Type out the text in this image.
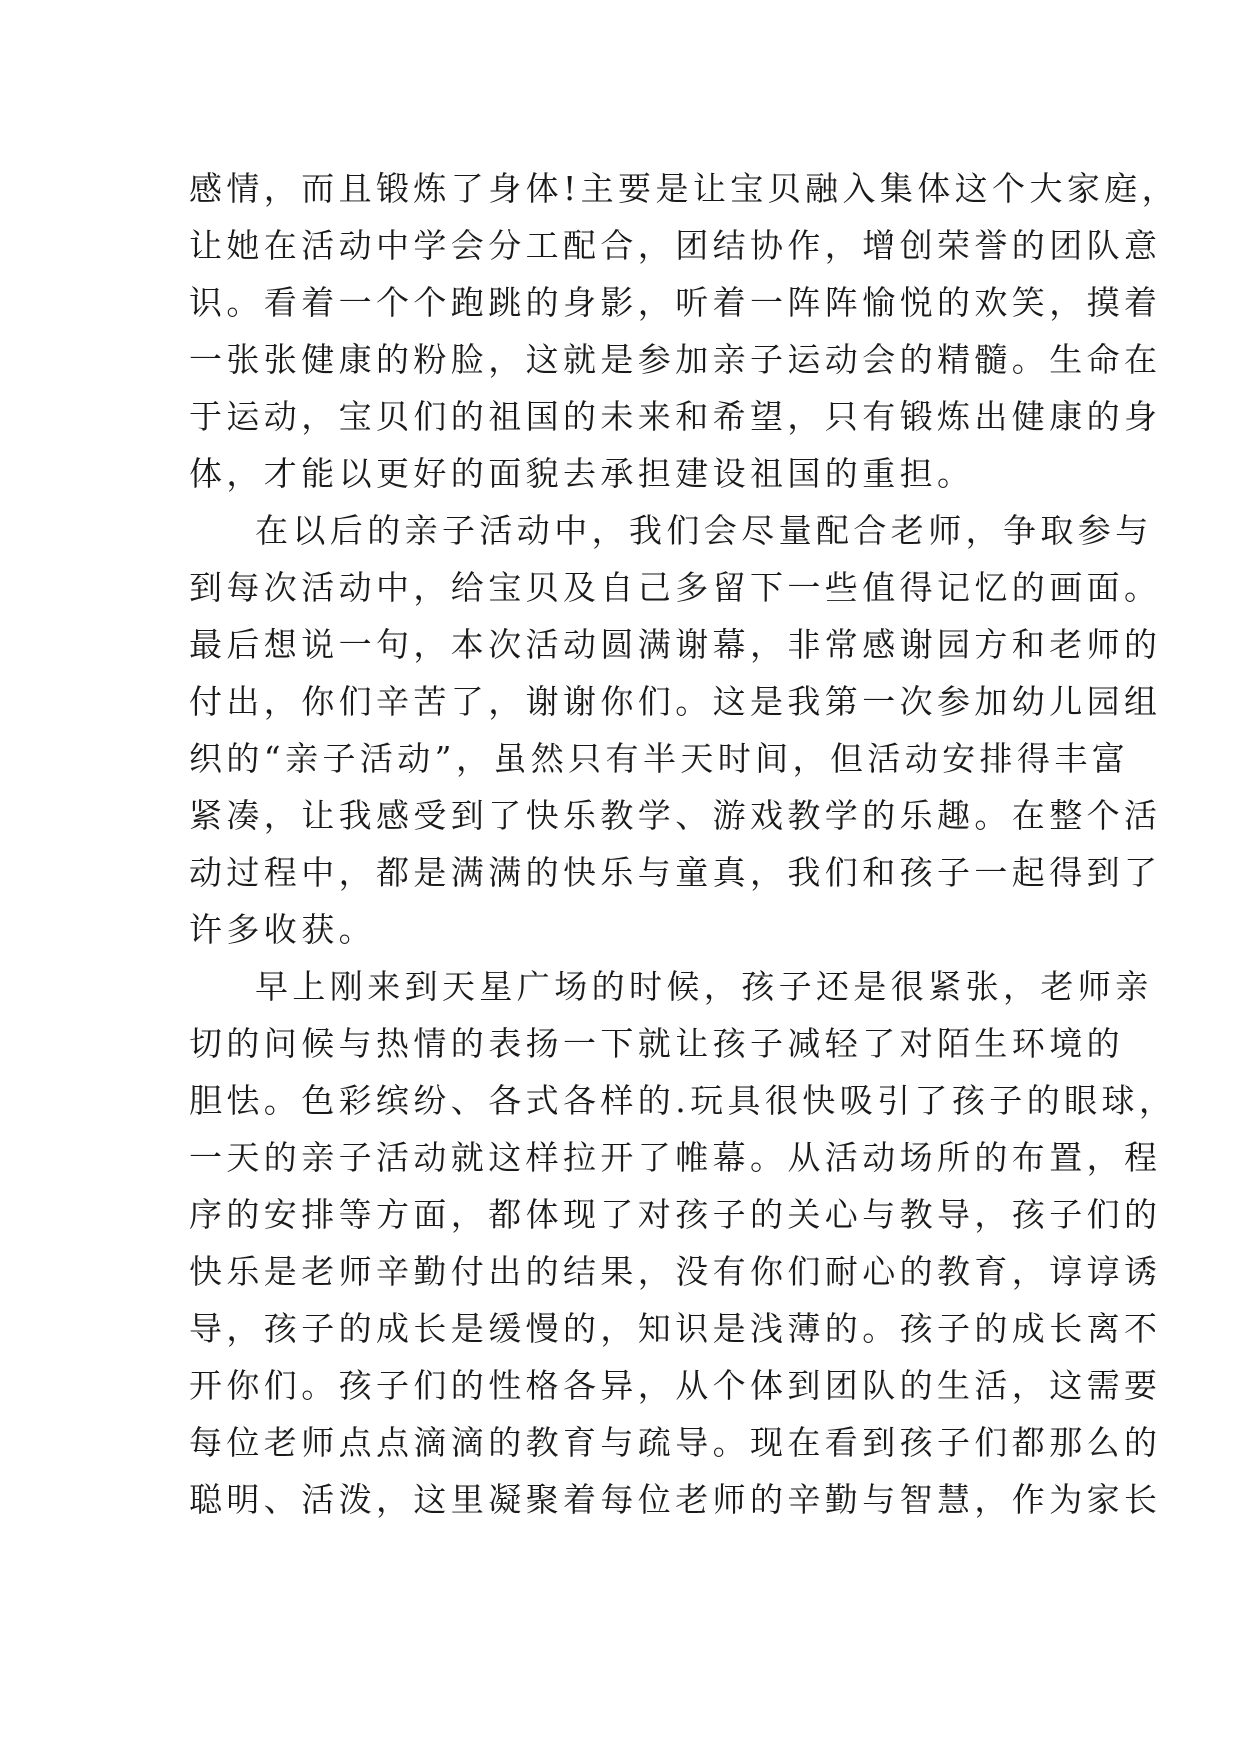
感情，而且锻炼了身体!主要是让宝贝融入集体这个大家庭，
让她在活动中学会分工配合，团结协作，增创荣誉的团队意
识。看着一个个跑跳的身影，听着一阵阵愉悦的欢笑，摸着
一张张健康的粉脸，这就是参加亲子运动会的精髓。生命在
于运动，宝贝们的祖国的未来和希望，只有锻炼出健康的身
体，才能以更好的面貌去承担建设祖国的重担。
在以后的亲子活动中，我们会尽量配合老师，争取参与
到每次活动中，给宝贝及自己多留下一些值得记忆的画面。
最后想说一句，本次活动圆满谢幕，非常感谢园方和老师的
付出，你们辛苦了，谢谢你们。这是我第一次参加幼儿园组
织的“亲子活动”，虽然只有半天时间，但活动安排得丰富
紧凑，让我感受到了快乐教学、游戏教学的乐趣。在整个活
动过程中，都是满满的快乐与童真，我们和孩子一起得到了
许多收获。
早上刚来到天星广场的时候，孩子还是很紧张，老师亲
切的问候与热情的表扬一下就让孩子减轻了对陌生环境的
胆怯。色彩缤纷、各式各样的.玩具很快吸引了孩子的眼球，
一天的亲子活动就这样拉开了帷幕。从活动场所的布置，程
序的安排等方面，都体现了对孩子的关心与教导，孩子们的
快乐是老师辛勤付出的结果，没有你们耐心的教育，谆谆诱
导，孩子的成长是缓慢的，知识是浅薄的。孩子的成长离不
开你们。孩子们的性格各异，从个体到团队的生活，这需要
每位老师点点滴滴的教育与疏导。现在看到孩子们都那么的
聪明、活泼，这里凝聚着每位老师的辛勤与智慧，作为家长
